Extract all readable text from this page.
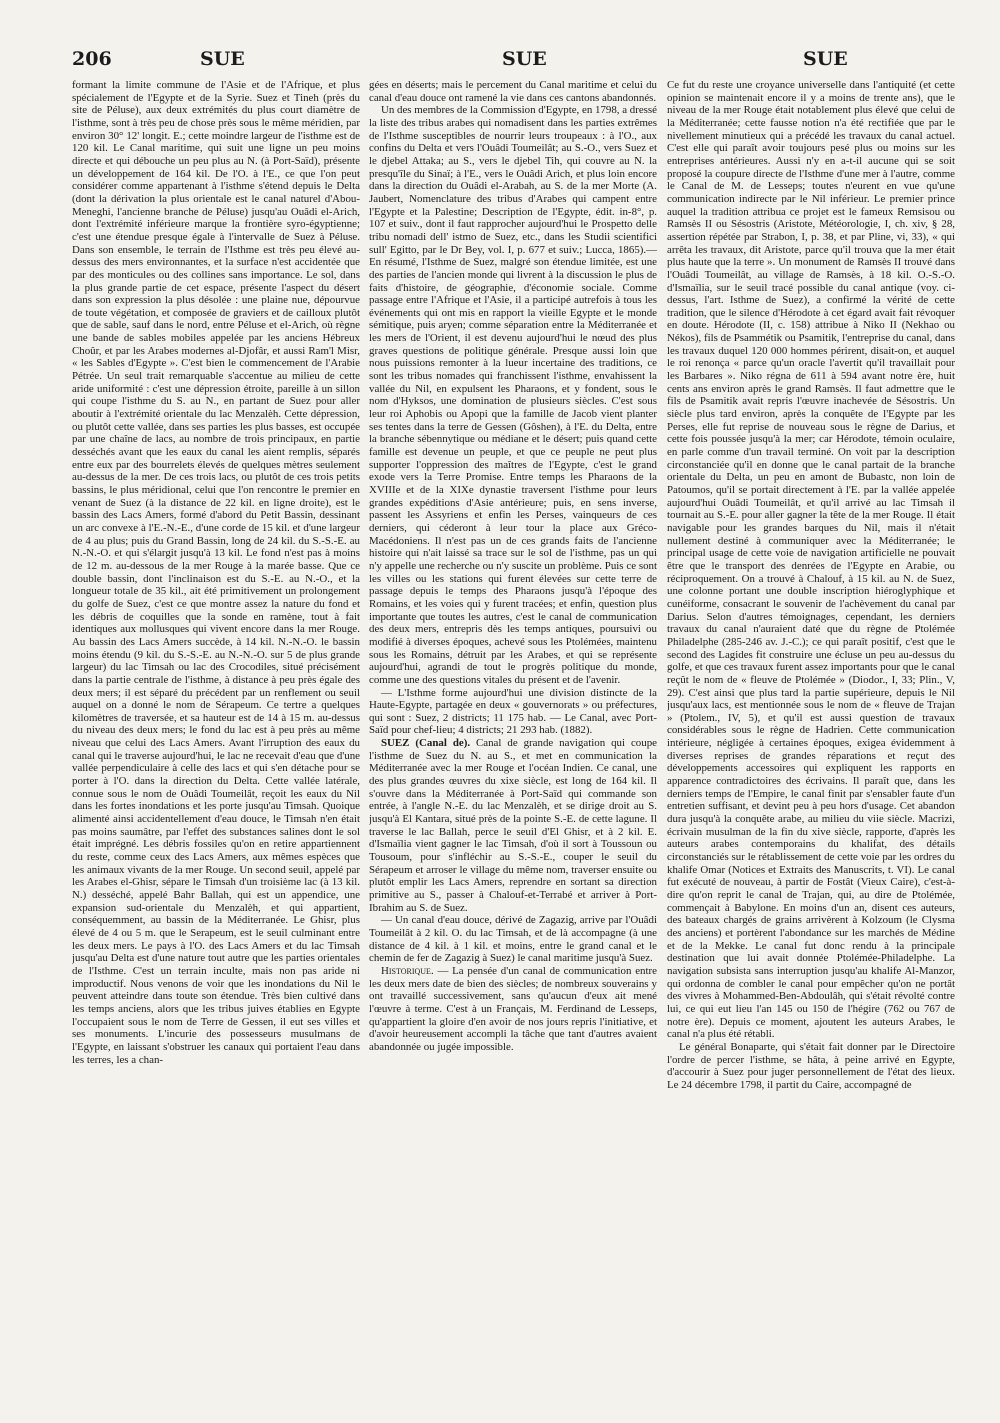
206	SUE	SUE	SUE

formant la limite commune de l'Asie et de l'Afrique, et plus spécialement de l'Egypte et de la Syrie. Suez et Tineh (près du site de Péluse), aux deux extrémités du plus court diamètre de l'isthme, sont à très peu de chose près sous le même méridien, par environ 30° 12' longit. E.; cette moindre largeur de l'isthme est de 120 kil. Le Canal maritime, qui suit une ligne un peu moins directe et qui débouche un peu plus au N. (à Port-Saïd), présente un développement de 164 kil. De l'O. à l'E., ce que l'on peut considérer comme appartenant à l'isthme s'étend depuis le Delta (dont la dérivation la plus orientale est le canal naturel d'Abou-Meneghi, l'ancienne branche de Péluse) jusqu'au Ouâdi el-Arich, dont l'extrémité inférieure marque la frontière syro-égyptienne; c'est une étendue presque égale à l'intervalle de Suez à Péluse. Dans son ensemble, le terrain de l'Isthme est très peu élevé au-dessus des mers environnantes, et la surface n'est accidentée que par des monticules ou des collines sans importance. Le sol, dans la plus grande partie de cet espace, présente l'aspect du désert dans son expression la plus désolée : une plaine nue, dépourvue de toute végétation, et composée de graviers et de cailloux plutôt que de sable, sauf dans le nord, entre Péluse et el-Arich, où règne une bande de sables mobiles appelée par les anciens Hébreux Choûr, et par les Arabes modernes al-Djofâr, et aussi Ram'l Misr, « les Sables d'Egypte ». C'est bien le commencement de l'Arabie Pétrée. Un seul trait remarquable s'accentue au milieu de cette aride uniformité : c'est une dépression étroite, pareille à un sillon qui coupe l'isthme du S. au N., en partant de Suez pour aller aboutir à l'extrémité orientale du lac Menzalèh. Cette dépression, ou plutôt cette vallée, dans ses parties les plus basses, est occupée par une chaîne de lacs, au nombre de trois principaux, en partie desséchés avant que les eaux du canal les aient remplis, séparés entre eux par des bourrelets élevés de quelques mètres seulement au-dessus de la mer. De ces trois lacs, ou plutôt de ces trois petits bassins, le plus méridional, celui que l'on rencontre le premier en venant de Suez (à la distance de 22 kil. en ligne droite), est le bassin des Lacs Amers, formé d'abord du Petit Bassin, dessinant un arc convexe à l'E.-N.-E., d'une corde de 15 kil. et d'une largeur de 4 au plus; puis du Grand Bassin, long de 24 kil. du S.-S.-E. au N.-N.-O. et qui s'élargit jusqu'à 13 kil. Le fond n'est pas à moins de 12 m. au-dessous de la mer Rouge à la marée basse. Que ce double bassin, dont l'inclinaison est du S.-E. au N.-O., et la longueur totale de 35 kil., ait été primitivement un prolongement du golfe de Suez, c'est ce que montre assez la nature du fond et les débris de coquilles que la sonde en ramène, tout à fait identiques aux mollusques qui vivent encore dans la mer Rouge. Au bassin des Lacs Amers succède, à 14 kil. N.-N.-O. le bassin moins étendu (9 kil. du S.-S.-E. au N.-N.-O. sur 5 de plus grande largeur) du lac Timsah ou lac des Crocodiles, situé précisément dans la partie centrale de l'isthme, à distance à peu près égale des deux mers; il est séparé du précédent par un renflement ou seuil auquel on a donné le nom de Sérapeum. Ce tertre a quelques kilomètres de traversée, et sa hauteur est de 14 à 15 m. au-dessus du niveau des deux mers; le fond du lac est à peu près au même niveau que celui des Lacs Amers. Avant l'irruption des eaux du canal qui le traverse aujourd'hui, le lac ne recevait d'eau que d'une vallée perpendiculaire à celle des lacs et qui s'en détache pour se porter à l'O. dans la direction du Delta. Cette vallée latérale, connue sous le nom de Ouâdi Toumeilât, reçoit les eaux du Nil dans les fortes inondations et les porte jusqu'au Timsah. Quoique alimenté ainsi accidentellement d'eau douce, le Timsah n'en était pas moins saumâtre, par l'effet des substances salines dont le sol était imprégné. Les débris fossiles qu'on en retire appartiennent du reste, comme ceux des Lacs Amers, aux mêmes espèces que les animaux vivants de la mer Rouge. Un second seuil, appelé par les Arabes el-Ghisr, sépare le Timsah d'un troisième lac (à 13 kil. N.) desséché, appelé Bahr Ballah, qui est un appendice, une expansion sud-orientale du Menzalèh, et qui appartient, conséquemment, au bassin de la Méditerranée. Le Ghisr, plus élevé de 4 ou 5 m. que le Serapeum, est le seuil culminant entre les deux mers. Le pays à l'O. des Lacs Amers et du lac Timsah jusqu'au Delta est d'une nature tout autre que les parties orientales de l'Isthme. C'est un terrain inculte, mais non pas aride ni improductif. Nous venons de voir que les inondations du Nil le peuvent atteindre dans toute son étendue. Très bien cultivé dans les temps anciens, alors que les tribus juives établies en Egypte l'occupaient sous le nom de Terre de Gessen, il eut ses villes et ses monuments. L'incurie des possesseurs musulmans de l'Egypte, en laissant s'obstruer les canaux qui portaient l'eau dans les terres, les a chan-

gées en déserts; mais le percement du Canal maritime et celui du canal d'eau douce ont ramené la vie dans ces cantons abandonnés.

Un des membres de la Commission d'Egypte, en 1798, a dressé la liste des tribus arabes qui nomadisent dans les parties extrêmes de l'Isthme susceptibles de nourrir leurs troupeaux : à l'O., aux confins du Delta et vers l'Ouâdi Toumeilât; au S.-O., vers Suez et le djebel Attaka; au S., vers le djebel Tih, qui couvre au N. la presqu'île du Sinaï; à l'E., vers le Ouâdi Arich, et plus loin encore dans la direction du Ouâdi el-Arabah, au S. de la mer Morte (A. Jaubert, Nomenclature des tribus d'Arabes qui campent entre l'Egypte et la Palestine; Description de l'Egypte, édit. in-8°, p. 107 et suiv., dont il faut rapprocher aujourd'hui le Prospetto delle tribu nomadi dell' istmo de Suez, etc., dans les Studii scientifici sull' Egitto, par le Dr Bey, vol. I, p. 677 et suiv.; Lucca, 1865).— En résumé, l'Isthme de Suez, malgré son étendue limitée, est une des parties de l'ancien monde qui livrent à la discussion le plus de faits d'histoire, de géographie, d'économie sociale. Comme passage entre l'Afrique et l'Asie, il a participé autrefois à tous les événements qui ont mis en rapport la vieille Egypte et le monde sémitique, puis aryen; comme séparation entre la Méditerranée et les mers de l'Orient, il est devenu aujourd'hui le nœud des plus graves questions de politique générale. Presque aussi loin que nous puissions remonter à la lueur incertaine des traditions, ce sont les tribus nomades qui franchissent l'isthme, envahissent la vallée du Nil, en expulsent les Pharaons, et y fondent, sous le nom d'Hyksos, une domination de plusieurs siècles. C'est sous leur roi Aphobis ou Apopi que la famille de Jacob vient planter ses tentes dans la terre de Gessen (Gôshen), à l'E. du Delta, entre la branche sébennytique ou médiane et le désert; puis quand cette famille est devenue un peuple, et que ce peuple ne peut plus supporter l'oppression des maîtres de l'Egypte, c'est le grand exode vers la Terre Promise. Entre temps les Pharaons de la XVIIIe et de la XIXe dynastie traversent l'isthme pour leurs grandes expéditions d'Asie antérieure; puis, en sens inverse, passent les Assyriens et enfin les Perses, vainqueurs de ces derniers, qui céderont à leur tour la place aux Gréco-Macédoniens. Il n'est pas un de ces grands faits de l'ancienne histoire qui n'ait laissé sa trace sur le sol de l'isthme, pas un qui n'y appelle une recherche ou n'y suscite un problème. Puis ce sont les villes ou les stations qui furent élevées sur cette terre de passage depuis le temps des Pharaons jusqu'à l'époque des Romains, et les voies qui y furent tracées; et enfin, question plus importante que toutes les autres, c'est le canal de communication des deux mers, entrepris dès les temps antiques, poursuivi ou modifié à diverses époques, achevé sous les Ptolémées, maintenu sous les Romains, détruit par les Arabes, et qui se représente aujourd'hui, agrandi de tout le progrès politique du monde, comme une des questions vitales du présent et de l'avenir.

— L'Isthme forme aujourd'hui une division distincte de la Haute-Egypte, partagée en deux « gouvernorats » ou préfectures, qui sont : Suez, 2 districts; 11 175 hab. — Le Canal, avec Port-Saïd pour chef-lieu; 4 districts; 21 293 hab. (1882).

SUEZ (Canal de). Canal de grande navigation qui coupe l'isthme de Suez du N. au S., et met en communication la Méditerranée avec la mer Rouge et l'océan Indien. Ce canal, une des plus grandes œuvres du xixe siècle, est long de 164 kil. Il s'ouvre dans la Méditerranée à Port-Saïd qui commande son entrée, à l'angle N.-E. du lac Menzalèh, et se dirige droit au S. jusqu'à El Kantara, situé près de la pointe S.-E. de cette lagune. Il traverse le lac Ballah, perce le seuil d'El Ghisr, et à 2 kil. E. d'Ismaïlia vient gagner le lac Timsah, d'où il sort à Toussoun ou Tousoum, pour s'infléchir au S.-S.-E., couper le seuil du Sérapeum et arroser le village du même nom, traverser ensuite ou plutôt emplir les Lacs Amers, reprendre en sortant sa direction primitive au S., passer à Chalouf-et-Terrabé et arriver à Port-Ibrahim au S. de Suez.

— Un canal d'eau douce, dérivé de Zagazig, arrive par l'Ouâdi Toumeilât à 2 kil. O. du lac Timsah, et de là accompagne (à une distance de 4 kil. à 1 kil. et moins, entre le grand canal et le chemin de fer de Zagazig à Suez) le canal maritime jusqu'à Suez.

Historique. — La pensée d'un canal de communication entre les deux mers date de bien des siècles; de nombreux souverains y ont travaillé successivement, sans qu'aucun d'eux ait mené l'œuvre à terme. C'est à un Français, M. Ferdinand de Lesseps, qu'appartient la gloire d'en avoir de nos jours repris l'initiative, et d'avoir heureusement accompli la tâche que tant d'autres avaient abandonnée ou jugée impossible.

Ce fut du reste une croyance universelle dans l'antiquité (et cette opinion se maintenait encore il y a moins de trente ans), que le niveau de la mer Rouge était notablement plus élevé que celui de la Méditerranée; cette fausse notion n'a été rectifiée que par le nivellement minutieux qui a précédé les travaux du canal actuel. C'est elle qui paraît avoir toujours pesé plus ou moins sur les entreprises antérieures. Aussi n'y en a-t-il aucune qui se soit proposé la coupure directe de l'Isthme d'une mer à l'autre, comme le Canal de M. de Lesseps; toutes n'eurent en vue qu'une communication indirecte par le Nil inférieur. Le premier prince auquel la tradition attribua ce projet est le fameux Remsisou ou Ramsès II ou Sésostris (Aristote, Météorologie, I, ch. xiv, § 28, assertion répétée par Strabon, I, p. 38, et par Pline, vi, 33), « qui arrêta les travaux, dit Aristote, parce qu'il trouva que la mer était plus haute que la terre ». Un monument de Ramsès II trouvé dans l'Ouâdi Toumeilât, au village de Ramsès, à 18 kil. O.-S.-O. d'Ismaïlia, sur le seuil tracé possible du canal antique (voy. ci-dessus, l'art. Isthme de Suez), a confirmé la vérité de cette tradition, que le silence d'Hérodote à cet égard avait fait révoquer en doute. Hérodote (II, c. 158) attribue à Niko II (Nekhao ou Nékos), fils de Psammétik ou Psamitik, l'entreprise du canal, dans les travaux duquel 120 000 hommes périrent, disait-on, et auquel le roi renonça « parce qu'un oracle l'avertit qu'il travaillait pour les Barbares ». Niko régna de 611 à 594 avant notre ère, huit cents ans environ après le grand Ramsès. Il faut admettre que le fils de Psamitik avait repris l'œuvre inachevée de Sésostris. Un siècle plus tard environ, après la conquête de l'Egypte par les Perses, elle fut reprise de nouveau sous le règne de Darius, et cette fois poussée jusqu'à la mer; car Hérodote, témoin oculaire, en parle comme d'un travail terminé. On voit par la description circonstanciée qu'il en donne que le canal partait de la branche orientale du Delta, un peu en amont de Bubastc, non loin de Patoumos, qu'il se portait directement à l'E. par la vallée appelée aujourd'hui Ouâdi Toumeilât, et qu'il arrivé au lac Timsah il tournait au S.-E. pour aller gagner la tête de la mer Rouge. Il était navigable pour les grandes barques du Nil, mais il n'était nullement destiné à communiquer avec la Méditerranée; le principal usage de cette voie de navigation artificielle ne pouvait être que le transport des denrées de l'Egypte en Arabie, ou réciproquement. On a trouvé à Chalouf, à 15 kil. au N. de Suez, une colonne portant une double inscription hiéroglyphique et cunéiforme, consacrant le souvenir de l'achèvement du canal par Darius. Selon d'autres témoignages, cependant, les derniers travaux du canal n'auraient daté que du règne de Ptolémée Philadelphe (285-246 av. J.-C.); ce qui paraît positif, c'est que le second des Lagides fit construire une écluse un peu au-dessus du golfe, et que ces travaux furent assez importants pour que le canal reçût le nom de « fleuve de Ptolémée » (Diodor., I, 33; Plin., V, 29). C'est ainsi que plus tard la partie supérieure, depuis le Nil jusqu'aux lacs, est mentionnée sous le nom de « fleuve de Trajan » (Ptolem., IV, 5), et qu'il est aussi question de travaux considérables sous le règne de Hadrien. Cette communication intérieure, négligée à certaines époques, exigea évidemment à diverses reprises de grandes réparations et reçut des développements accessoires qui expliquent les rapports en apparence contradictoires des écrivains. Il paraît que, dans les derniers temps de l'Empire, le canal finit par s'ensabler faute d'un entretien suffisant, et devint peu à peu hors d'usage. Cet abandon dura jusqu'à la conquête arabe, au milieu du viie siècle. Macrizi, écrivain musulman de la fin du xive siècle, rapporte, d'après les auteurs arabes contemporains du khalifat, des détails circonstanciés sur le rétablissement de cette voie par les ordres du khalife Omar (Notices et Extraits des Manuscrits, t. VI). Le canal fut exécuté de nouveau, à partir de Fostât (Vieux Caire), c'est-à-dire qu'on reprit le canal de Trajan, qui, au dire de Ptolémée, commençait à Babylone. En moins d'un an, disent ces auteurs, des bateaux chargés de grains arrivèrent à Kolzoum (le Clysma des anciens) et portèrent l'abondance sur les marchés de Médine et de la Mekke. Le canal fut donc rendu à la principale destination que lui avait donnée Ptolémée-Philadelphe. La navigation subsista sans interruption jusqu'au khalife Al-Manzor, qui ordonna de combler le canal pour empêcher qu'on ne portât des vivres à Mohammed-Ben-Abdoulâh, qui s'était révolté contre lui, ce qui eut lieu l'an 145 ou 150 de l'hégire (762 ou 767 de notre ère). Depuis ce moment, ajoutent les auteurs Arabes, le canal n'a plus été rétabli.

Le général Bonaparte, qui s'était fait donner par le Directoire l'ordre de percer l'isthme, se hâta, à peine arrivé en Egypte, d'accourir à Suez pour juger personnellement de l'état des lieux. Le 24 décembre 1798, il partit du Caire, accompagné de
